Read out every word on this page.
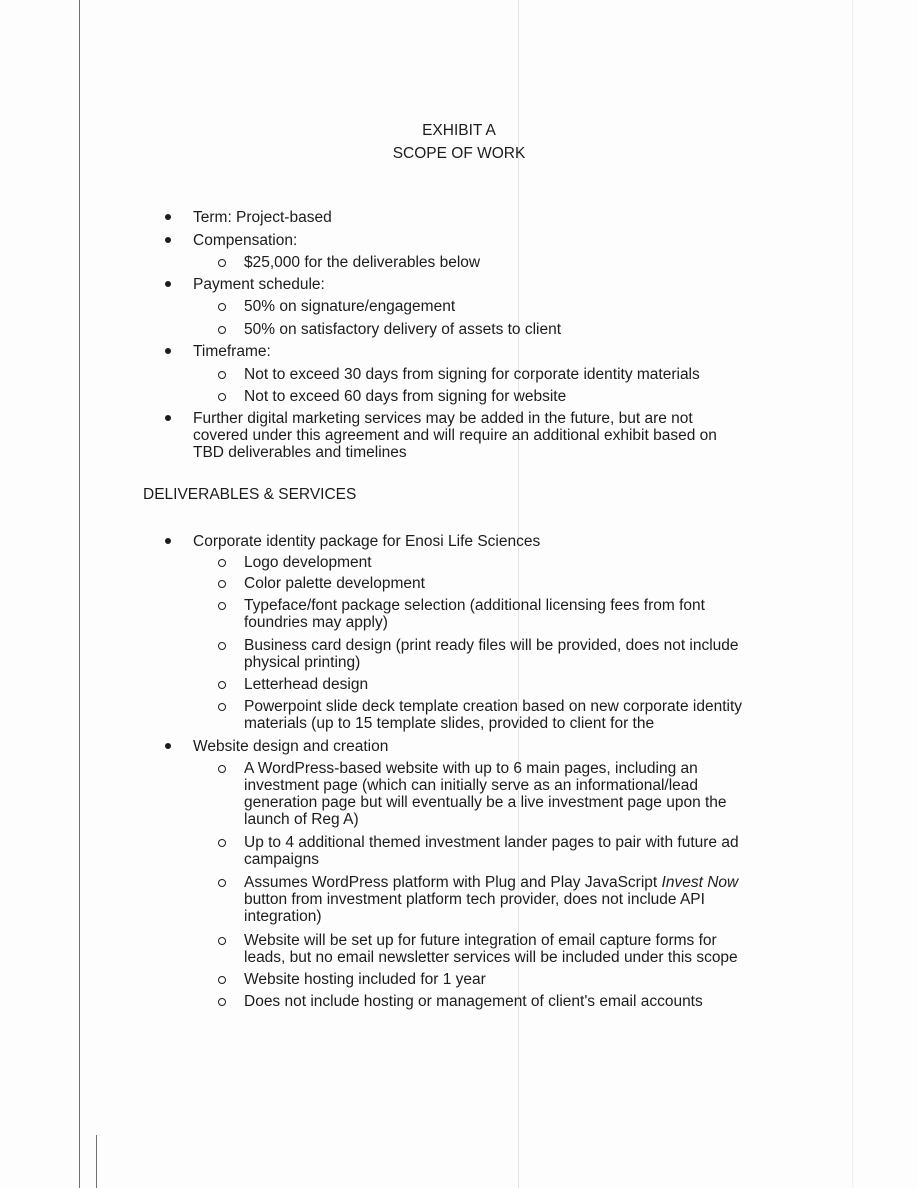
EXHIBIT A
SCOPE OF WORK
Term: Project-based
Compensation:
$25,000 for the deliverables below
Payment schedule:
50% on signature/engagement
50% on satisfactory delivery of assets to client
Timeframe:
Not to exceed 30 days from signing for corporate identity materials
Not to exceed 60 days from signing for website
Further digital marketing services may be added in the future, but are not
covered under this agreement and will require an additional exhibit based on
TBD deliverables and timelines
DELIVERABLES & SERVICES
Corporate identity package for Enosi Life Sciences
Logo development
Color palette development
Typeface/font package selection (additional licensing fees from font
foundries may apply)
Business card design (print ready files will be provided, does not include
physical printing)
Letterhead design
Powerpoint slide deck template creation based on new corporate identity
materials (up to 15 template slides, provided to client for the
Website design and creation
A WordPress-based website with up to 6 main pages, including an
investment page (which can initially serve as an informational/lead
generation page but will eventually be a live investment page upon the
launch of Reg A)
Up to 4 additional themed investment lander pages to pair with future ad
campaigns
Assumes WordPress platform with Plug and Play JavaScript Invest Now
button from investment platform tech provider, does not include API
integration)
Website will be set up for future integration of email capture forms for
leads, but no email newsletter services will be included under this scope
Website hosting included for 1 year
Does not include hosting or management of client's email accounts
